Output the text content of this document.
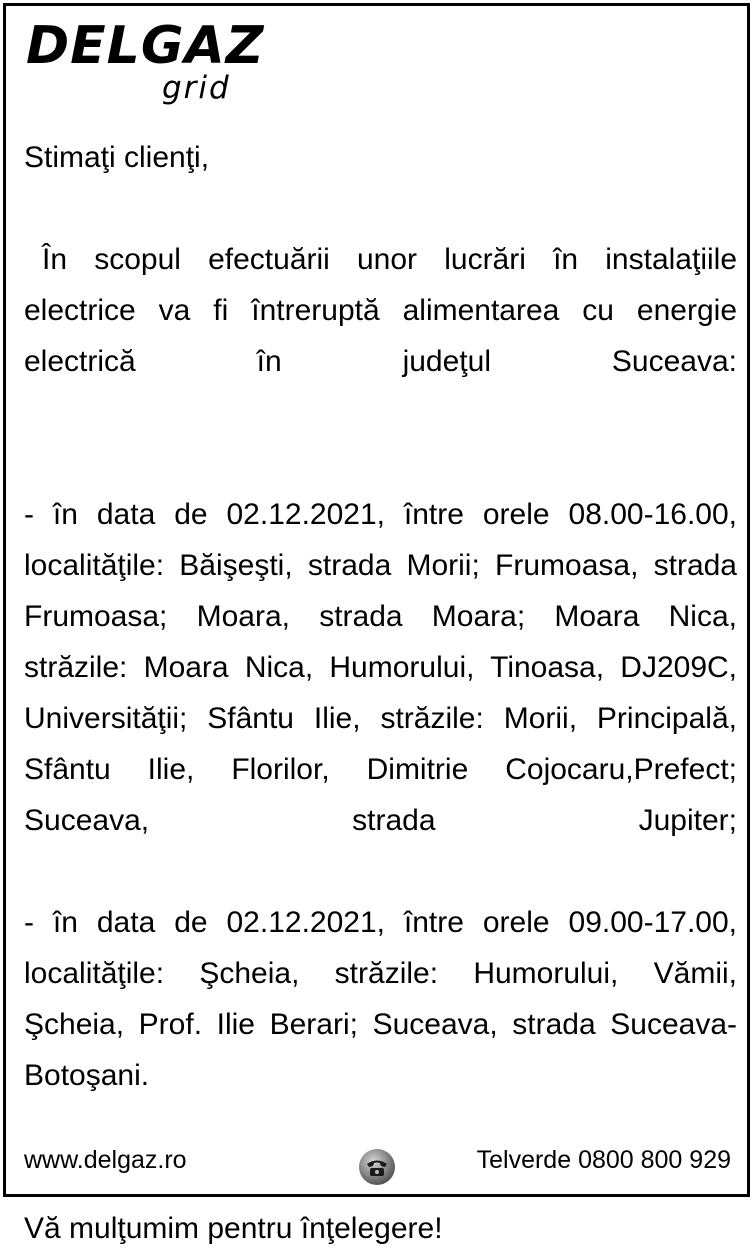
DELGAZ
grid

Stimaţi clienţi,

În scopul efectuării unor lucrări în instalaţiile electrice va fi întreruptă alimentarea cu energie electrică în judeţul Suceava:

- în data de 02.12.2021, între orele 08.00-16.00, localităţile: Băişeşti, strada Morii; Frumoasa, strada Frumoasa; Moara, strada Moara; Moara Nica, străzile: Moara Nica, Humorului, Tinoasa, DJ209C, Universităţii; Sfântu Ilie, străzile: Morii, Principală, Sfântu Ilie, Florilor, Dimitrie Cojocaru,Prefect; Suceava, strada Jupiter;

- în data de 02.12.2021, între orele 09.00-17.00, localităţile: Şcheia, străzile: Humorului, Vămii, Şcheia, Prof. Ilie Berari; Suceava, strada Suceava-Botoşani.

Vă mulţumim pentru înţelegere!

www.delgaz.ro	Telverde 0800 800 929
